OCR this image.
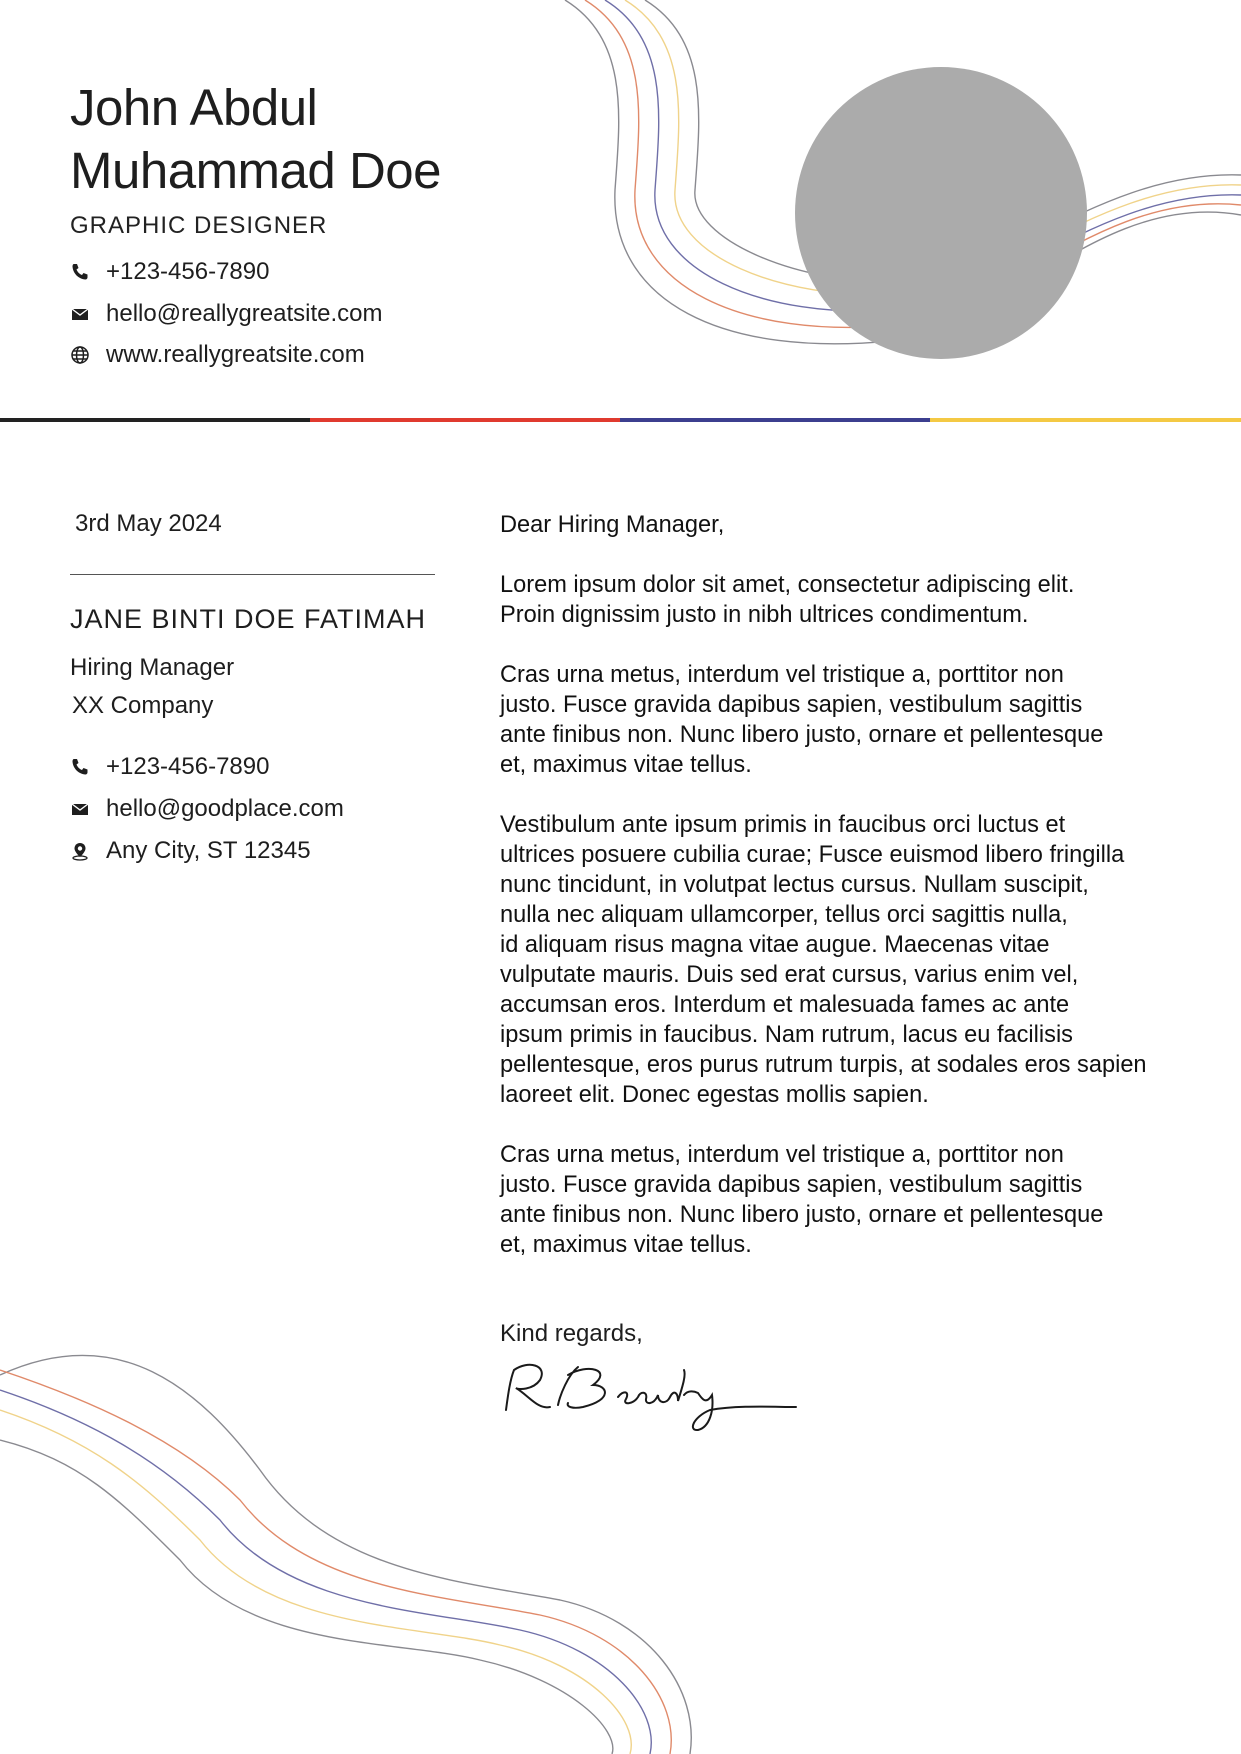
John Abdul
Muhammad Doe
GRAPHIC DESIGNER
+123-456-7890
hello@reallygreatsite.com
www.reallygreatsite.com
3rd May 2024
JANE BINTI DOE FATIMAH
Hiring Manager
XX Company
+123-456-7890
hello@goodplace.com
Any City, ST 12345

Dear Hiring Manager,

Lorem ipsum dolor sit amet, consectetur adipiscing elit.
Proin dignissim justo in nibh ultrices condimentum.

Cras urna metus, interdum vel tristique a, porttitor non
justo. Fusce gravida dapibus sapien, vestibulum sagittis
ante finibus non. Nunc libero justo, ornare et pellentesque
et, maximus vitae tellus.

Vestibulum ante ipsum primis in faucibus orci luctus et
ultrices posuere cubilia curae; Fusce euismod libero fringilla
nunc tincidunt, in volutpat lectus cursus. Nullam suscipit,
nulla nec aliquam ullamcorper, tellus orci sagittis nulla,
id aliquam risus magna vitae augue. Maecenas vitae
vulputate mauris. Duis sed erat cursus, varius enim vel,
accumsan eros. Interdum et malesuada fames ac ante
ipsum primis in faucibus. Nam rutrum, lacus eu facilisis
pellentesque, eros purus rutrum turpis, at sodales eros sapien
laoreet elit. Donec egestas mollis sapien.

Cras urna metus, interdum vel tristique a, porttitor non
justo. Fusce gravida dapibus sapien, vestibulum sagittis
ante finibus non. Nunc libero justo, ornare et pellentesque
et, maximus vitae tellus.

Kind regards,
